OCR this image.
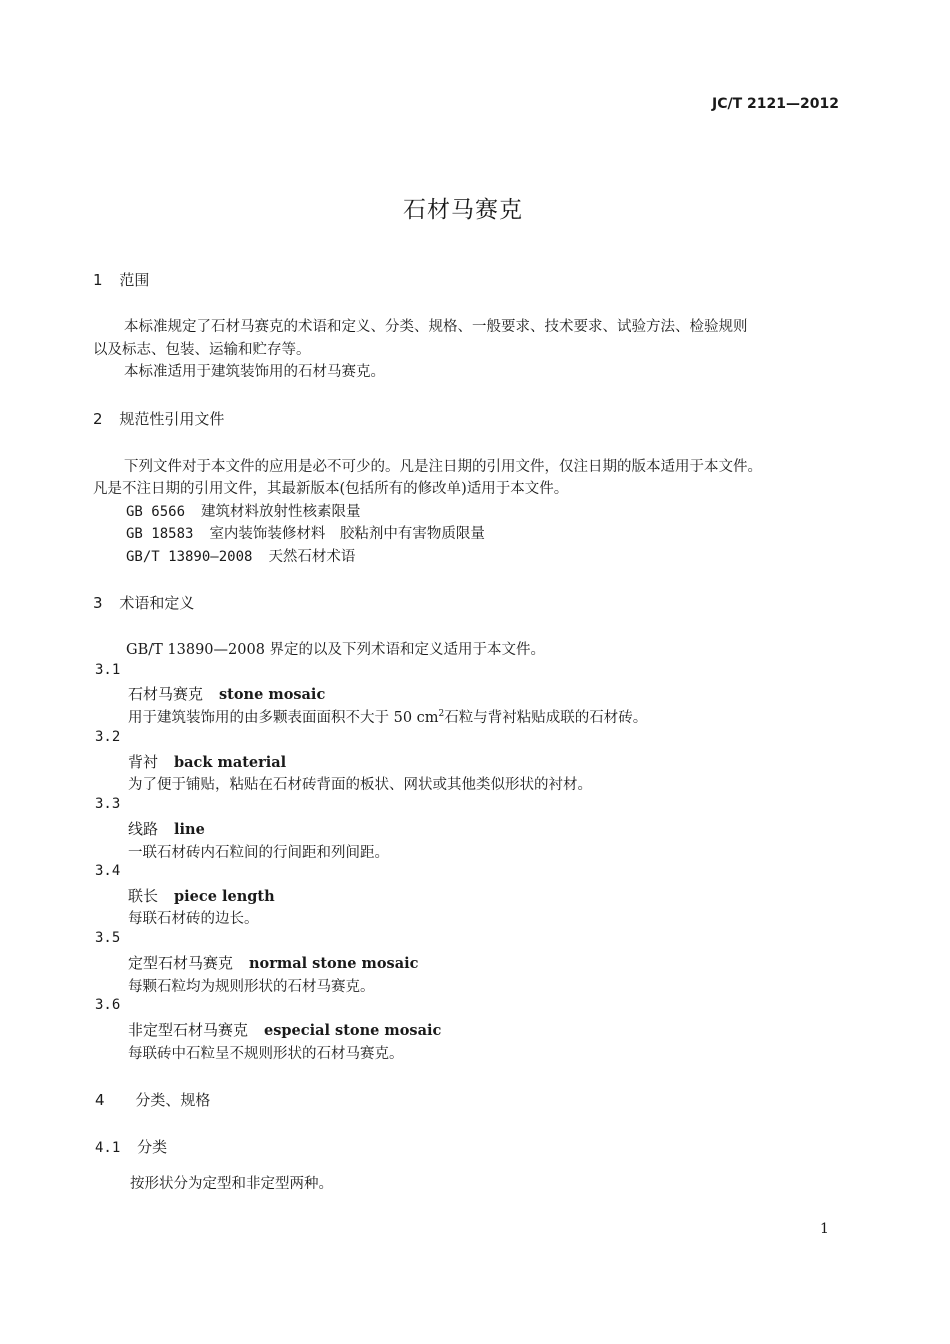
JC/T 2121—2012
石材马赛克
1 范围
本标准规定了石材马赛克的术语和定义、分类、规格、一般要求、技术要求、试验方法、检验规则
以及标志、包装、运输和贮存等。
本标准适用于建筑装饰用的石材马赛克。
2 规范性引用文件
下列文件对于本文件的应用是必不可少的。凡是注日期的引用文件，仅注日期的版本适用于本文件。
凡是不注日期的引用文件，其最新版本(包括所有的修改单)适用于本文件。
GB 6566 建筑材料放射性核素限量
GB 18583 室内装饰装修材料　胶粘剂中有害物质限量
GB/T 13890—2008 天然石材术语
3 术语和定义
GB/T 13890—2008 界定的以及下列术语和定义适用于本文件。
3.1
石材马赛克 stone mosaic
用于建筑装饰用的由多颗表面面积不大于 50 $cm^2$石粒与背衬粘贴成联的石材砖。
3.2
背衬 back material
为了便于铺贴，粘贴在石材砖背面的板状、网状或其他类似形状的衬材。
3.3
线路 line
一联石材砖内石粒间的行间距和列间距。
3.4
联长 piece length
每联石材砖的边长。
3.5
定型石材马赛克 normal stone mosaic
每颗石粒均为规则形状的石材马赛克。
3.6
非定型石材马赛克 especial stone mosaic
每联砖中石粒呈不规则形状的石材马赛克。
4 分类、规格
4.1 分类
按形状分为定型和非定型两种。
1
